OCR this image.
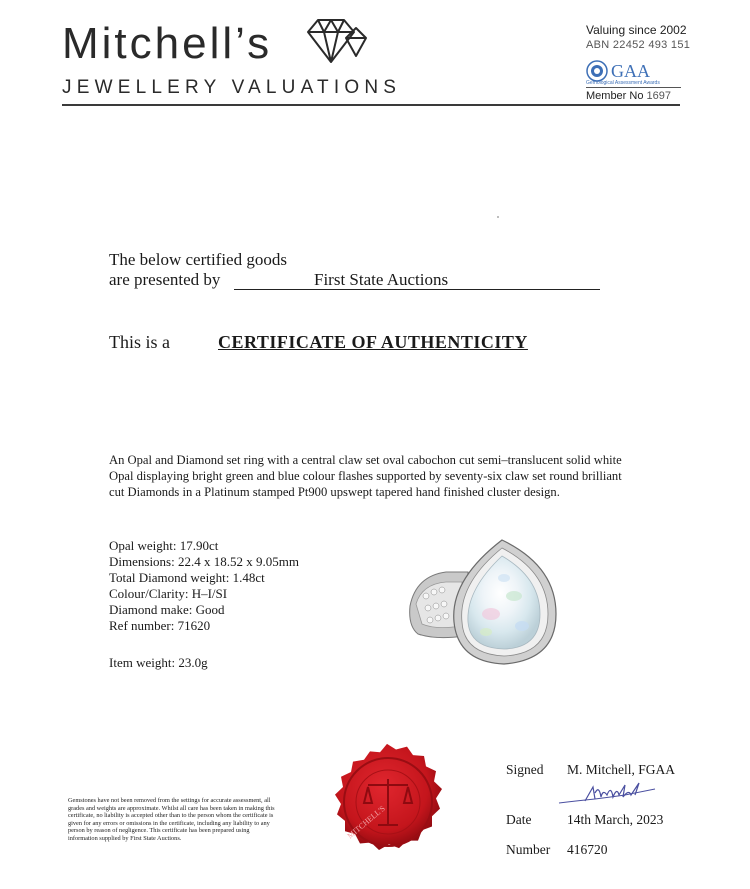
Mitchell’s
JEWELLERY VALUATIONS
Valuing since 2002
ABN 22452 493 151
GAA
Gemological Assessment Awards
Member No 1697
The below certified goods
are presented by	First State Auctions
This is a	CERTIFICATE OF AUTHENTICITY
An Opal and Diamond set ring with a central claw set oval cabochon cut semi–translucent solid white Opal displaying bright green and blue colour flashes supported by seventy-six claw set round brilliant cut Diamonds in a Platinum stamped Pt900 upswept tapered hand finished cluster design.
Opal weight: 17.90ct
Dimensions: 22.4 x 18.52 x 9.05mm
Total Diamond weight: 1.48ct
Colour/Clarity: H–I/SI
Diamond make: Good
Ref number: 71620
Item weight: 23.0g
Gemstones have not been removed from the settings for accurate assessment, all grades and weights are approximate. Whilst all care has been taken in making this certificate, no liability is accepted other than to the person whom the certificate is given for any errors or omissions in the certificate, including any liability to any person by reason of negligence. This certificate has been prepared using information supplied by First State Auctions.	MITCHELL'S
Signed M. Mitchell, FGAA
Date	14th March, 2023
Number 416720
